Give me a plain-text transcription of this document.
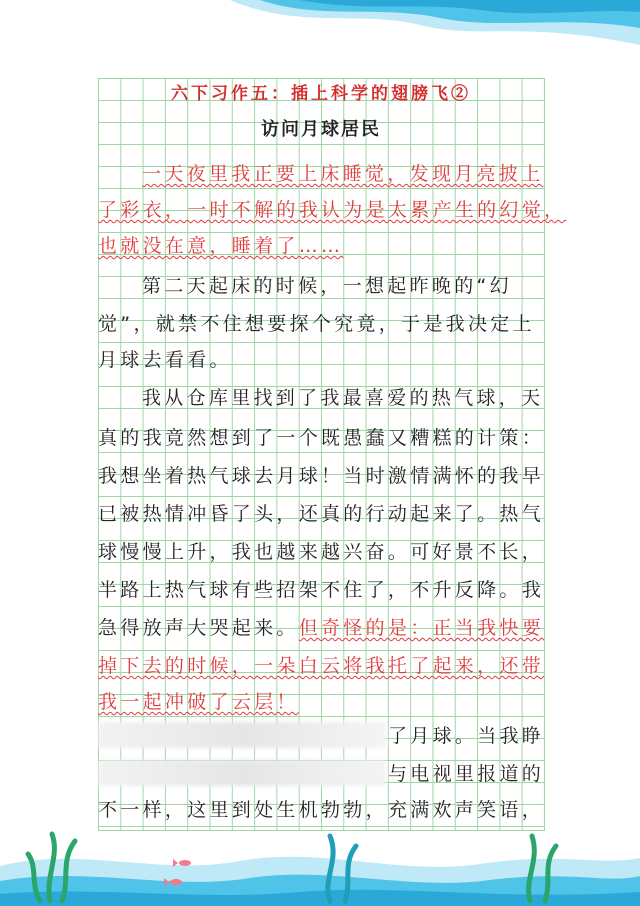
六下习作五：插上科学的翅膀飞②
访问月球居民
一天夜里我正要上床睡觉，发现月亮披上
了彩衣，一时不解的我认为是太累产生的幻觉，
也就没在意，睡着了……
第二天起床的时候，一想起昨晚的“幻
觉”，就禁不住想要探个究竟，于是我决定上
月球去看看。
我从仓库里找到了我最喜爱的热气球，天
真的我竟然想到了一个既愚蠢又糟糕的计策：
我想坐着热气球去月球！当时激情满怀的我早
已被热情冲昏了头，还真的行动起来了。热气
球慢慢上升，我也越来越兴奋。可好景不长，
半路上热气球有些招架不住了，不升反降。我
急得放声大哭起来。但奇怪的是：正当我快要
掉下去的时候，一朵白云将我托了起来，还带
我一起冲破了云层！
了月球。当我睁
与电视里报道的
不一样，这里到处生机勃勃，充满欢声笑语，
